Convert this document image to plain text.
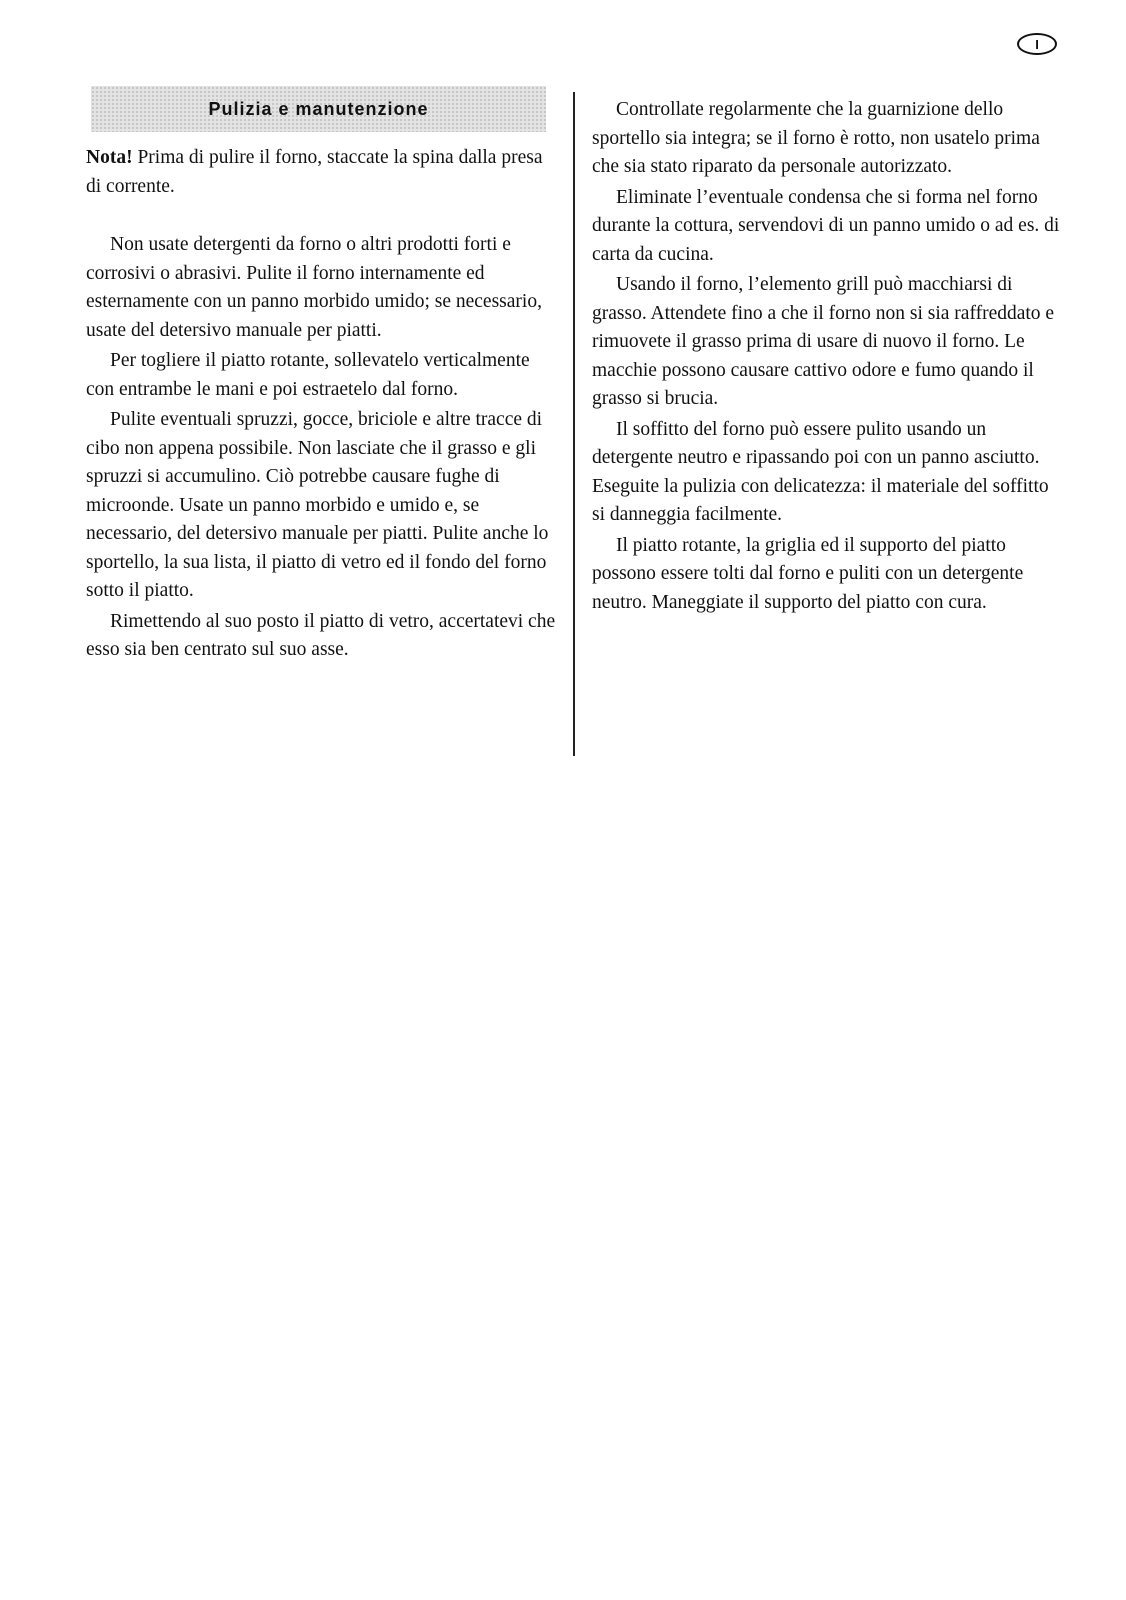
I
Pulizia e manutenzione

Nota! Prima di pulire il forno, staccate la spina dalla presa di corrente.

Non usate detergenti da forno o altri prodotti forti e corrosivi o abrasivi. Pulite il forno internamente ed esternamente con un panno morbido umido; se necessario, usate del detersivo manuale per piatti.

Per togliere il piatto rotante, sollevatelo verticalmente con entrambe le mani e poi estraetelo dal forno.

Pulite eventuali spruzzi, gocce, briciole e altre tracce di cibo non appena possibile. Non lasciate che il grasso e gli spruzzi si accumulino. Ciò potrebbe causare fughe di microonde. Usate un panno morbido e umido e, se necessario, del detersivo manuale per piatti. Pulite anche lo sportello, la sua lista, il piatto di vetro ed il fondo del forno sotto il piatto.

Rimettendo al suo posto il piatto di vetro, accertatevi che esso sia ben centrato sul suo asse.

Controllate regolarmente che la guarnizione dello sportello sia integra; se il forno è rotto, non usatelo prima che sia stato riparato da personale autorizzato.

Eliminate l’eventuale condensa che si forma nel forno durante la cottura, servendovi di un panno umido o ad es. di carta da cucina.

Usando il forno, l’elemento grill può macchiarsi di grasso. Attendete fino a che il forno non si sia raffreddato e rimuovete il grasso prima di usare di nuovo il forno. Le macchie possono causare cattivo odore e fumo quando il grasso si brucia.

Il soffitto del forno può essere pulito usando un detergente neutro e ripassando poi con un panno asciutto. Eseguite la pulizia con delicatezza: il materiale del soffitto si danneggia facilmente.

Il piatto rotante, la griglia ed il supporto del piatto possono essere tolti dal forno e puliti con un detergente neutro. Maneggiate il supporto del piatto con cura.
